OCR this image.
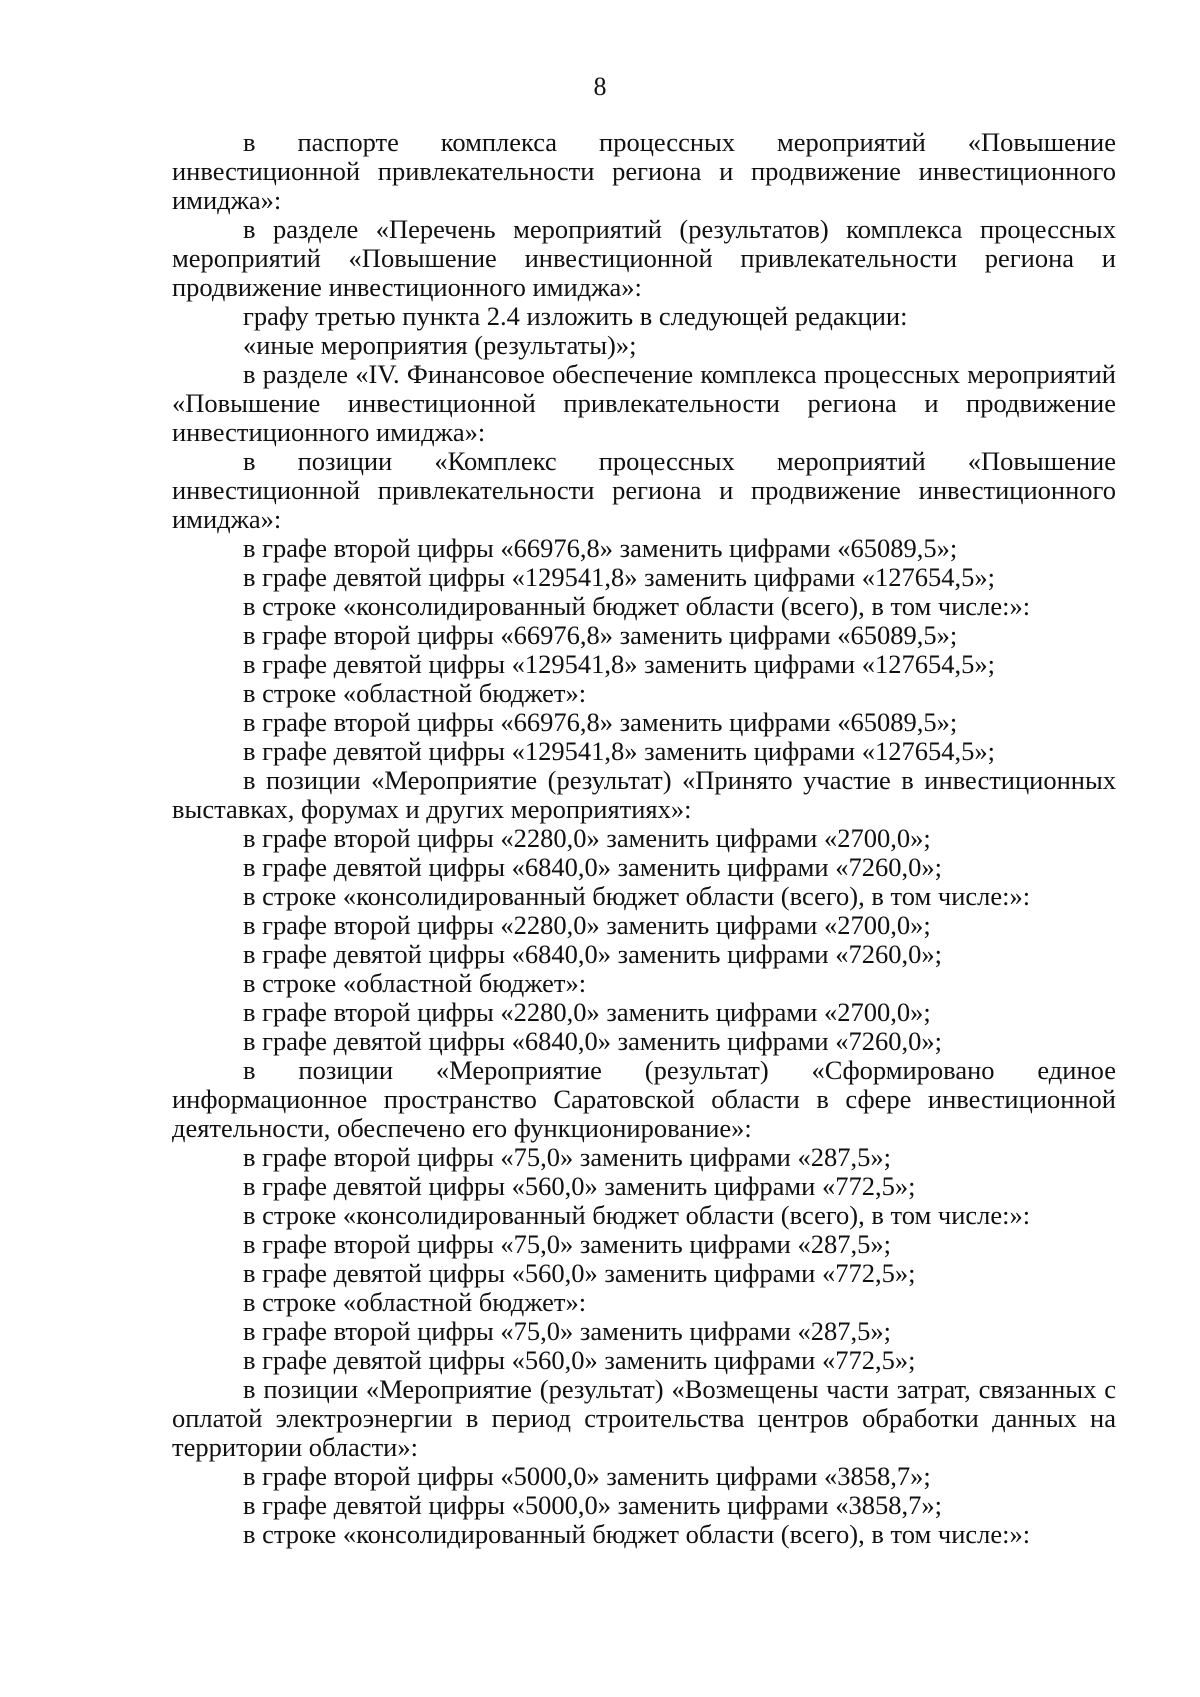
8

в паспорте комплекса процессных мероприятий «Повышение инвестиционной привлекательности региона и продвижение инвестиционного имиджа»:

в разделе «Перечень мероприятий (результатов) комплекса процессных мероприятий «Повышение инвестиционной привлекательности региона и продвижение инвестиционного имиджа»:

графу третью пункта 2.4 изложить в следующей редакции:

«иные мероприятия (результаты)»;

в разделе «IV. Финансовое обеспечение комплекса процессных мероприятий «Повышение инвестиционной привлекательности региона и продвижение инвестиционного имиджа»:

в позиции «Комплекс процессных мероприятий «Повышение инвестиционной привлекательности региона и продвижение инвестиционного имиджа»:

в графе второй цифры «66976,8» заменить цифрами «65089,5»;

в графе девятой цифры «129541,8» заменить цифрами «127654,5»;

в строке «консолидированный бюджет области (всего), в том числе:»:

в графе второй цифры «66976,8» заменить цифрами «65089,5»;

в графе девятой цифры «129541,8» заменить цифрами «127654,5»;

в строке «областной бюджет»:

в графе второй цифры «66976,8» заменить цифрами «65089,5»;

в графе девятой цифры «129541,8» заменить цифрами «127654,5»;

в позиции «Мероприятие (результат) «Принято участие в инвестиционных выставках, форумах и других мероприятиях»:

в графе второй цифры «2280,0» заменить цифрами «2700,0»;

в графе девятой цифры «6840,0» заменить цифрами «7260,0»;

в строке «консолидированный бюджет области (всего), в том числе:»:

в графе второй цифры «2280,0» заменить цифрами «2700,0»;

в графе девятой цифры «6840,0» заменить цифрами «7260,0»;

в строке «областной бюджет»:

в графе второй цифры «2280,0» заменить цифрами «2700,0»;

в графе девятой цифры «6840,0» заменить цифрами «7260,0»;

в позиции «Мероприятие (результат) «Сформировано единое информационное пространство Саратовской области в сфере инвестиционной деятельности, обеспечено его функционирование»:

в графе второй цифры «75,0» заменить цифрами «287,5»;

в графе девятой цифры «560,0» заменить цифрами «772,5»;

в строке «консолидированный бюджет области (всего), в том числе:»:

в графе второй цифры «75,0» заменить цифрами «287,5»;

в графе девятой цифры «560,0» заменить цифрами «772,5»;

в строке «областной бюджет»:

в графе второй цифры «75,0» заменить цифрами «287,5»;

в графе девятой цифры «560,0» заменить цифрами «772,5»;

в позиции «Мероприятие (результат) «Возмещены части затрат, связанных с оплатой электроэнергии в период строительства центров обработки данных на территории области»:

в графе второй цифры «5000,0» заменить цифрами «3858,7»;

в графе девятой цифры «5000,0» заменить цифрами «3858,7»;

в строке «консолидированный бюджет области (всего), в том числе:»:
